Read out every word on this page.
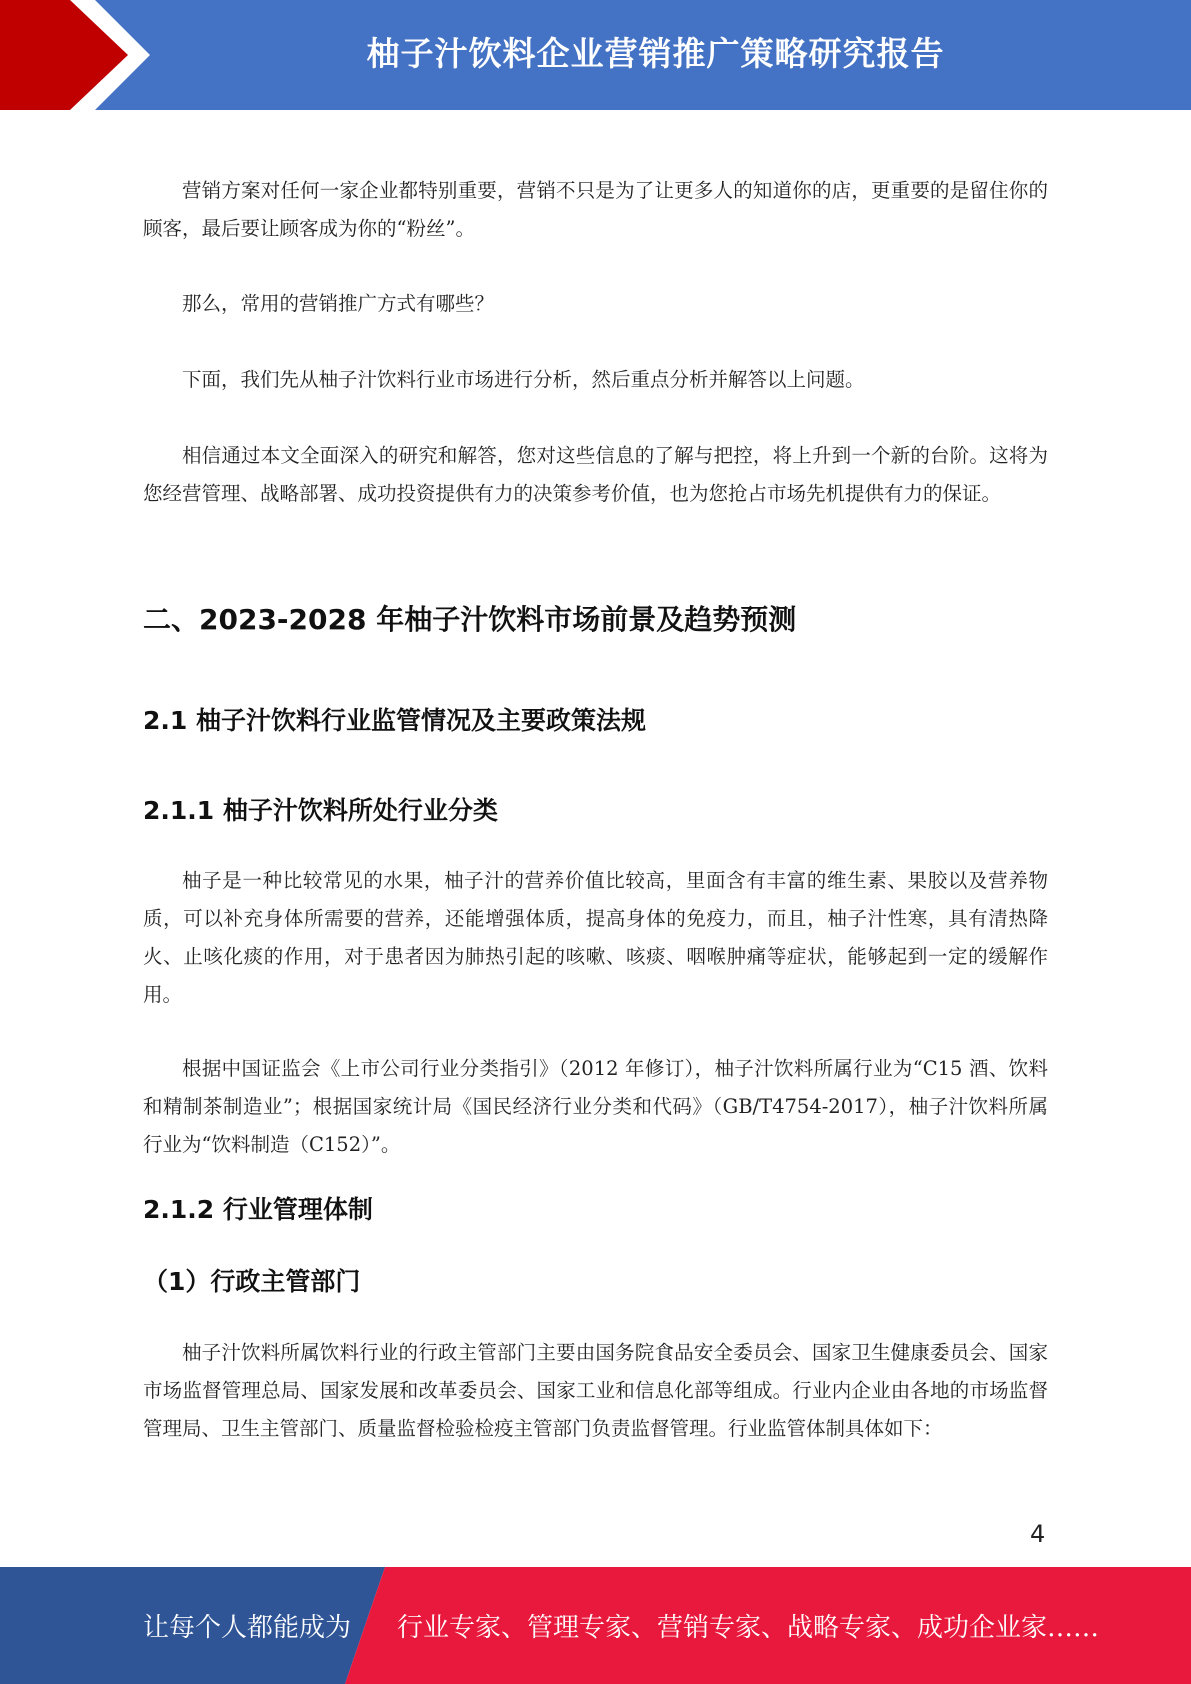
柚子汁饮料企业营销推广策略研究报告

营销方案对任何一家企业都特别重要，营销不只是为了让更多人的知道你的店，更重要的是留住你的顾客，最后要让顾客成为你的“粉丝”。

那么，常用的营销推广方式有哪些？

下面，我们先从柚子汁饮料行业市场进行分析，然后重点分析并解答以上问题。

相信通过本文全面深入的研究和解答，您对这些信息的了解与把控，将上升到一个新的台阶。这将为您经营管理、战略部署、成功投资提供有力的决策参考价值，也为您抢占市场先机提供有力的保证。

二、2023-2028 年柚子汁饮料市场前景及趋势预测
2.1 柚子汁饮料行业监管情况及主要政策法规
2.1.1 柚子汁饮料所处行业分类

柚子是一种比较常见的水果，柚子汁的营养价值比较高，里面含有丰富的维生素、果胶以及营养物质，可以补充身体所需要的营养，还能增强体质，提高身体的免疫力，而且，柚子汁性寒，具有清热降火、止咳化痰的作用，对于患者因为肺热引起的咳嗽、咳痰、咽喉肿痛等症状，能够起到一定的缓解作用。

根据中国证监会《上市公司行业分类指引》（2012 年修订），柚子汁饮料所属行业为“C15 酒、饮料和精制茶制造业”；根据国家统计局《国民经济行业分类和代码》（GB/T4754-2017），柚子汁饮料所属行业为“饮料制造（C152）”。

2.1.2 行业管理体制
（1）行政主管部门

柚子汁饮料所属饮料行业的行政主管部门主要由国务院食品安全委员会、国家卫生健康委员会、国家市场监督管理总局、国家发展和改革委员会、国家工业和信息化部等组成。行业内企业由各地的市场监督管理局、卫生主管部门、质量监督检验检疫主管部门负责监督管理。行业监管体制具体如下：

4
让每个人都能成为 行业专家、管理专家、营销专家、战略专家、成功企业家……
